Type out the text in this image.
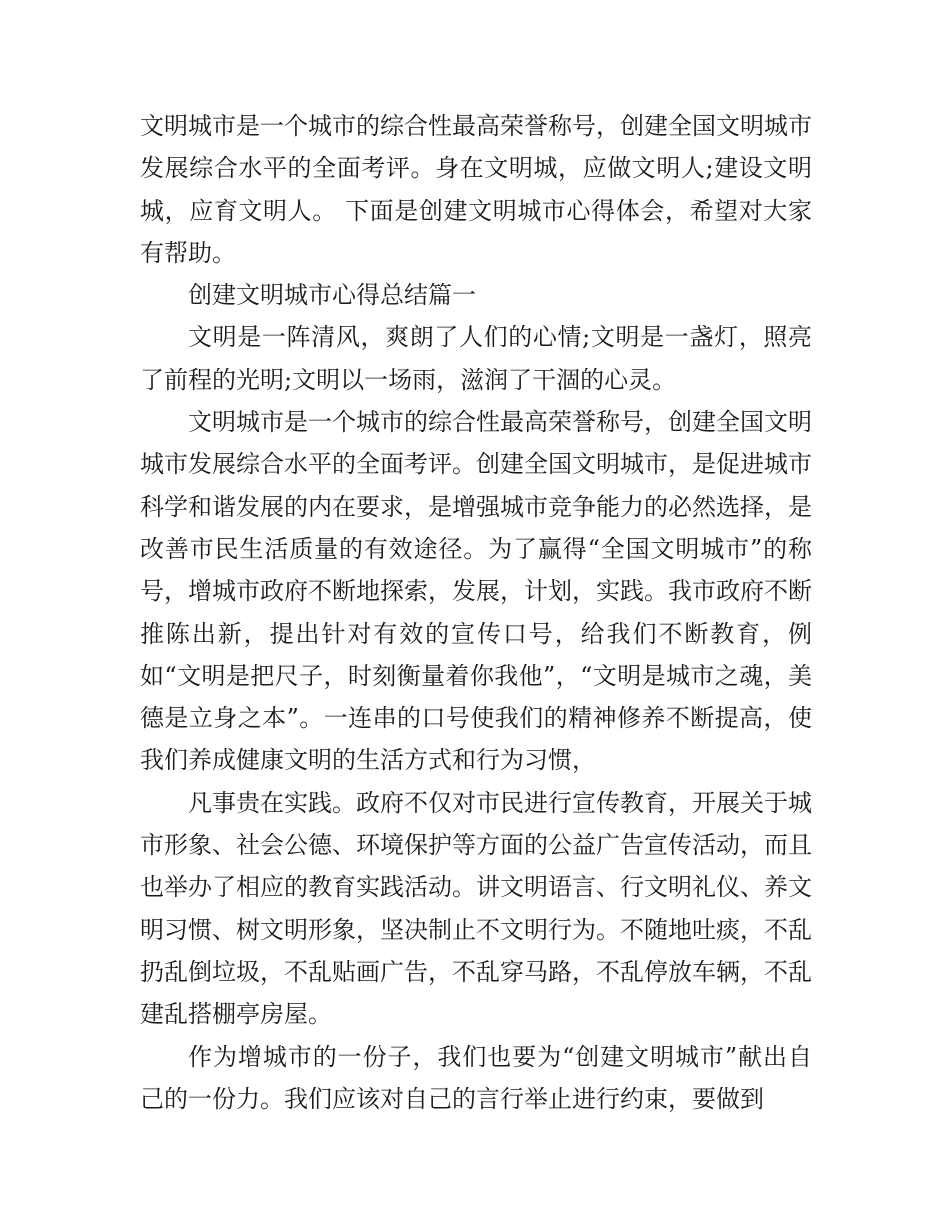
文明城市是一个城市的综合性最高荣誉称号，创建全国文明城市发展综合水平的全面考评。身在文明城，应做文明人;建设文明城，应育文明人。 下面是创建文明城市心得体会，希望对大家有帮助。

创建文明城市心得总结篇一

文明是一阵清风，爽朗了人们的心情;文明是一盏灯，照亮了前程的光明;文明以一场雨，滋润了干涸的心灵。

文明城市是一个城市的综合性最高荣誉称号，创建全国文明城市发展综合水平的全面考评。创建全国文明城市，是促进城市科学和谐发展的内在要求，是增强城市竞争能力的必然选择，是改善市民生活质量的有效途径。为了赢得“全国文明城市”的称号，增城市政府不断地探索，发展，计划，实践。我市政府不断推陈出新，提出针对有效的宣传口号，给我们不断教育，例如“文明是把尺子，时刻衡量着你我他”，“文明是城市之魂，美德是立身之本”。一连串的口号使我们的精神修养不断提高，使我们养成健康文明的生活方式和行为习惯，

凡事贵在实践。政府不仅对市民进行宣传教育，开展关于城市形象、社会公德、环境保护等方面的公益广告宣传活动，而且也举办了相应的教育实践活动。讲文明语言、行文明礼仪、养文明习惯、树文明形象，坚决制止不文明行为。不随地吐痰，不乱扔乱倒垃圾，不乱贴画广告，不乱穿马路，不乱停放车辆，不乱建乱搭棚亭房屋。

作为增城市的一份子，我们也要为“创建文明城市”献出自己的一份力。我们应该对自己的言行举止进行约束，要做到
